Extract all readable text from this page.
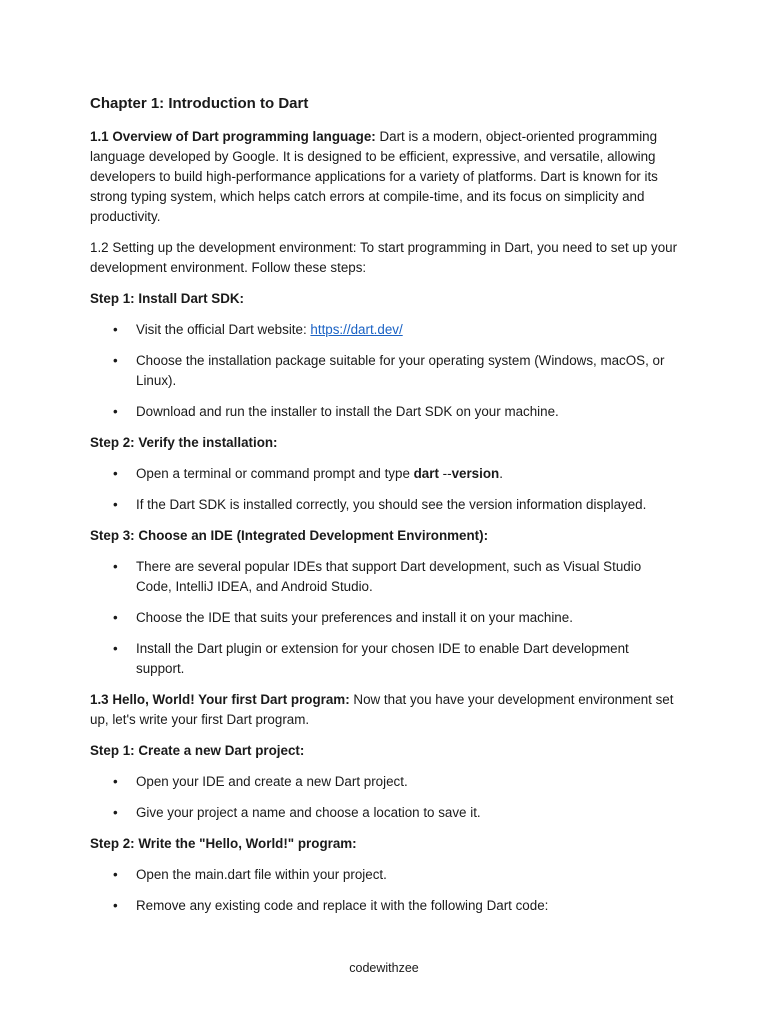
Chapter 1: Introduction to Dart

1.1 Overview of Dart programming language: Dart is a modern, object-oriented programming language developed by Google. It is designed to be efficient, expressive, and versatile, allowing developers to build high-performance applications for a variety of platforms. Dart is known for its strong typing system, which helps catch errors at compile-time, and its focus on simplicity and productivity.

1.2 Setting up the development environment: To start programming in Dart, you need to set up your development environment. Follow these steps:

Step 1: Install Dart SDK:

• Visit the official Dart website: https://dart.dev/
• Choose the installation package suitable for your operating system (Windows, macOS, or Linux).
• Download and run the installer to install the Dart SDK on your machine.

Step 2: Verify the installation:

• Open a terminal or command prompt and type dart --version.
• If the Dart SDK is installed correctly, you should see the version information displayed.

Step 3: Choose an IDE (Integrated Development Environment):

• There are several popular IDEs that support Dart development, such as Visual Studio Code, IntelliJ IDEA, and Android Studio.
• Choose the IDE that suits your preferences and install it on your machine.
• Install the Dart plugin or extension for your chosen IDE to enable Dart development support.

1.3 Hello, World! Your first Dart program: Now that you have your development environment set up, let's write your first Dart program.

Step 1: Create a new Dart project:

• Open your IDE and create a new Dart project.
• Give your project a name and choose a location to save it.

Step 2: Write the "Hello, World!" program:

• Open the main.dart file within your project.
• Remove any existing code and replace it with the following Dart code:
codewithzee
